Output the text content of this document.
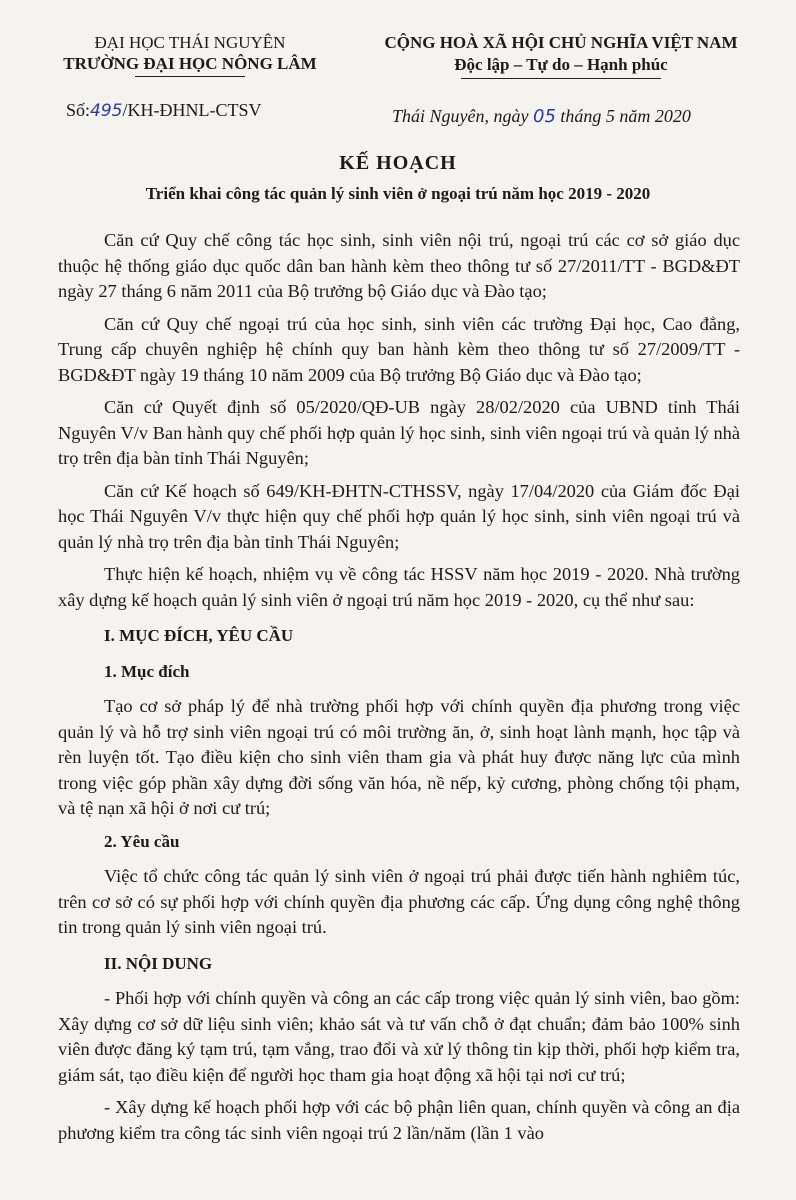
ĐẠI HỌC THÁI NGUYÊN
TRƯỜNG ĐẠI HỌC NÔNG LÂM
CỘNG HOÀ XÃ HỘI CHỦ NGHĨA VIỆT NAM
Độc lập – Tự do – Hạnh phúc
Số:495/KH-ĐHNL-CTSV	Thái Nguyên, ngày 05 tháng 5 năm 2020
KẾ HOẠCH
Triển khai công tác quản lý sinh viên ở ngoại trú năm học 2019 - 2020

Căn cứ Quy chế công tác học sinh, sinh viên nội trú, ngoại trú các cơ sở giáo dục thuộc hệ thống giáo dục quốc dân ban hành kèm theo thông tư số 27/2011/TT - BGD&ĐT ngày 27 tháng 6 năm 2011 của Bộ trưởng bộ Giáo dục và Đào tạo;

Căn cứ Quy chế ngoại trú của học sinh, sinh viên các trường Đại học, Cao đẳng, Trung cấp chuyên nghiệp hệ chính quy ban hành kèm theo thông tư số 27/2009/TT - BGD&ĐT ngày 19 tháng 10 năm 2009 của Bộ trưởng Bộ Giáo dục và Đào tạo;

Căn cứ Quyết định số 05/2020/QĐ-UB ngày 28/02/2020 của UBND tỉnh Thái Nguyên V/v Ban hành quy chế phối hợp quản lý học sinh, sinh viên ngoại trú và quản lý nhà trọ trên địa bàn tỉnh Thái Nguyên;

Căn cứ Kế hoạch số 649/KH-ĐHTN-CTHSSV, ngày 17/04/2020 của Giám đốc Đại học Thái Nguyên V/v thực hiện quy chế phối hợp quản lý học sinh, sinh viên ngoại trú và quản lý nhà trọ trên địa bàn tỉnh Thái Nguyên;

Thực hiện kế hoạch, nhiệm vụ về công tác HSSV năm học 2019 - 2020. Nhà trường xây dựng kế hoạch quản lý sinh viên ở ngoại trú năm học 2019 - 2020, cụ thể như sau:

I. MỤC ĐÍCH, YÊU CẦU
1. Mục đích

Tạo cơ sở pháp lý để nhà trường phối hợp với chính quyền địa phương trong việc quản lý và hỗ trợ sinh viên ngoại trú có môi trường ăn, ở, sinh hoạt lành mạnh, học tập và rèn luyện tốt. Tạo điều kiện cho sinh viên tham gia và phát huy được năng lực của mình trong việc góp phần xây dựng đời sống văn hóa, nề nếp, kỷ cương, phòng chống tội phạm, và tệ nạn xã hội ở nơi cư trú;

2. Yêu cầu

Việc tổ chức công tác quản lý sinh viên ở ngoại trú phải được tiến hành nghiêm túc, trên cơ sở có sự phối hợp với chính quyền địa phương các cấp. Ứng dụng công nghệ thông tin trong quản lý sinh viên ngoại trú.

II. NỘI DUNG

- Phối hợp với chính quyền và công an các cấp trong việc quản lý sinh viên, bao gồm: Xây dựng cơ sở dữ liệu sinh viên; khảo sát và tư vấn chỗ ở đạt chuẩn; đảm bảo 100% sinh viên được đăng ký tạm trú, tạm vắng, trao đổi và xử lý thông tin kịp thời, phối hợp kiểm tra, giám sát, tạo điều kiện để người học tham gia hoạt động xã hội tại nơi cư trú;

- Xây dựng kế hoạch phối hợp với các bộ phận liên quan, chính quyền và công an địa phương kiểm tra công tác sinh viên ngoại trú 2 lần/năm (lần 1 vào
